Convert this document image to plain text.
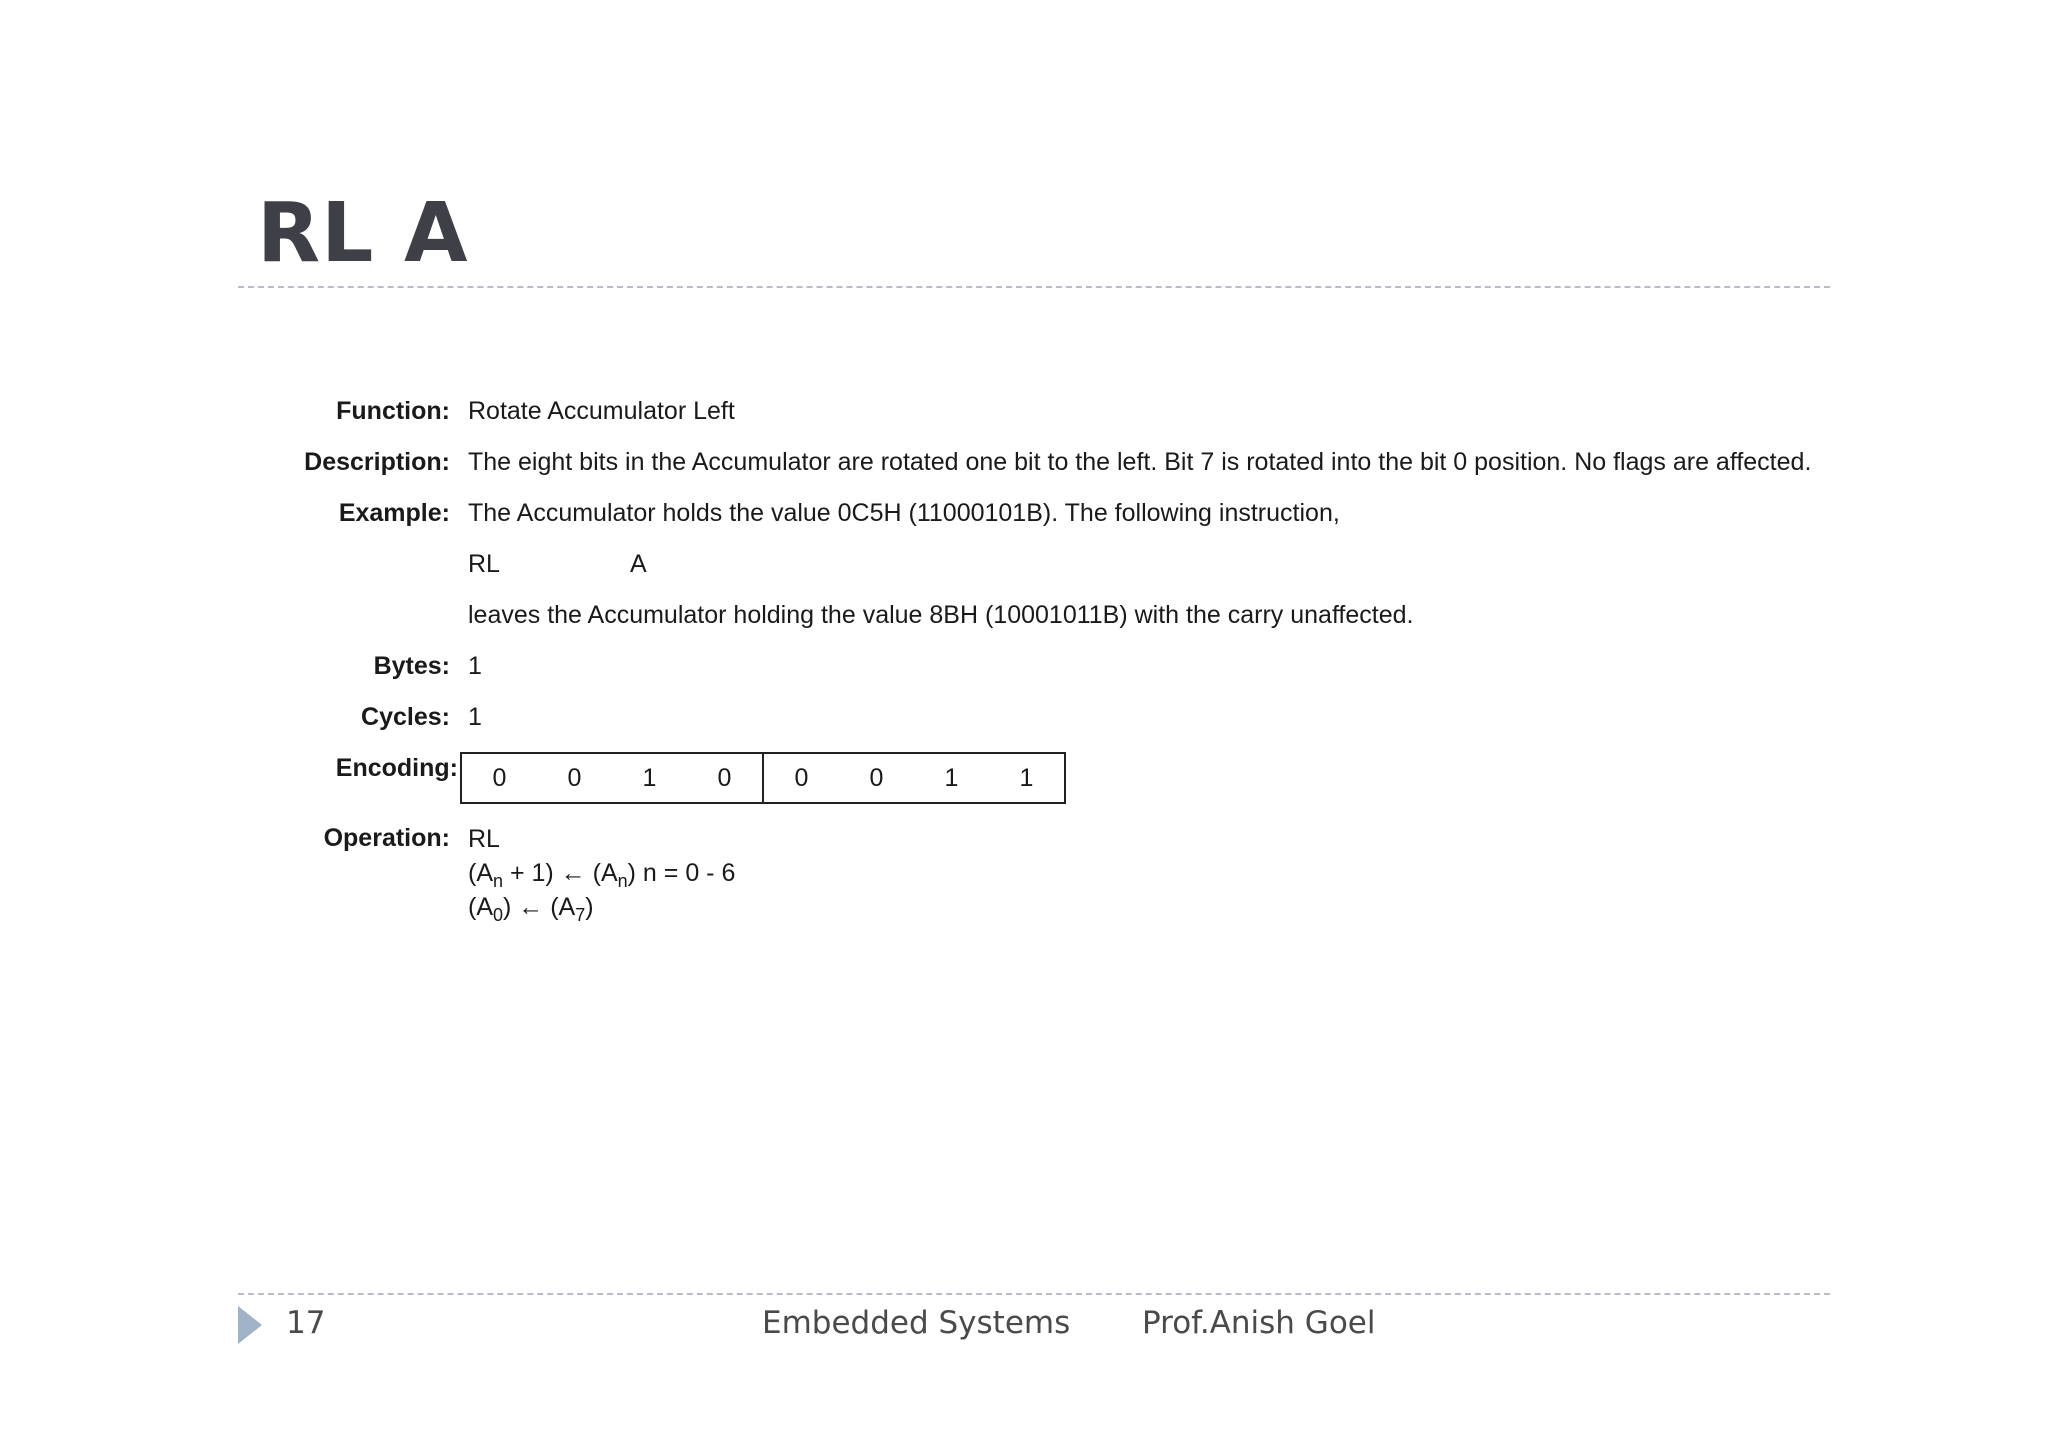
RL A
Function: Rotate Accumulator Left
Description: The eight bits in the Accumulator are rotated one bit to the left. Bit 7 is rotated into the bit 0 position. No flags are affected.
Example: The Accumulator holds the value 0C5H (11000101B). The following instruction,
RL	A
leaves the Accumulator holding the value 8BH (10001011B) with the carry unaffected.
Bytes: 1
Cycles: 1
Encoding:	0	0	1	0	0	0	1	1
Operation: RL
$(A_n + 1)$ ← $(A_n) n = 0 - 6$
$(A_0)$ ← $(A_7)$
17	Embedded Systems Prof.Anish Goel
